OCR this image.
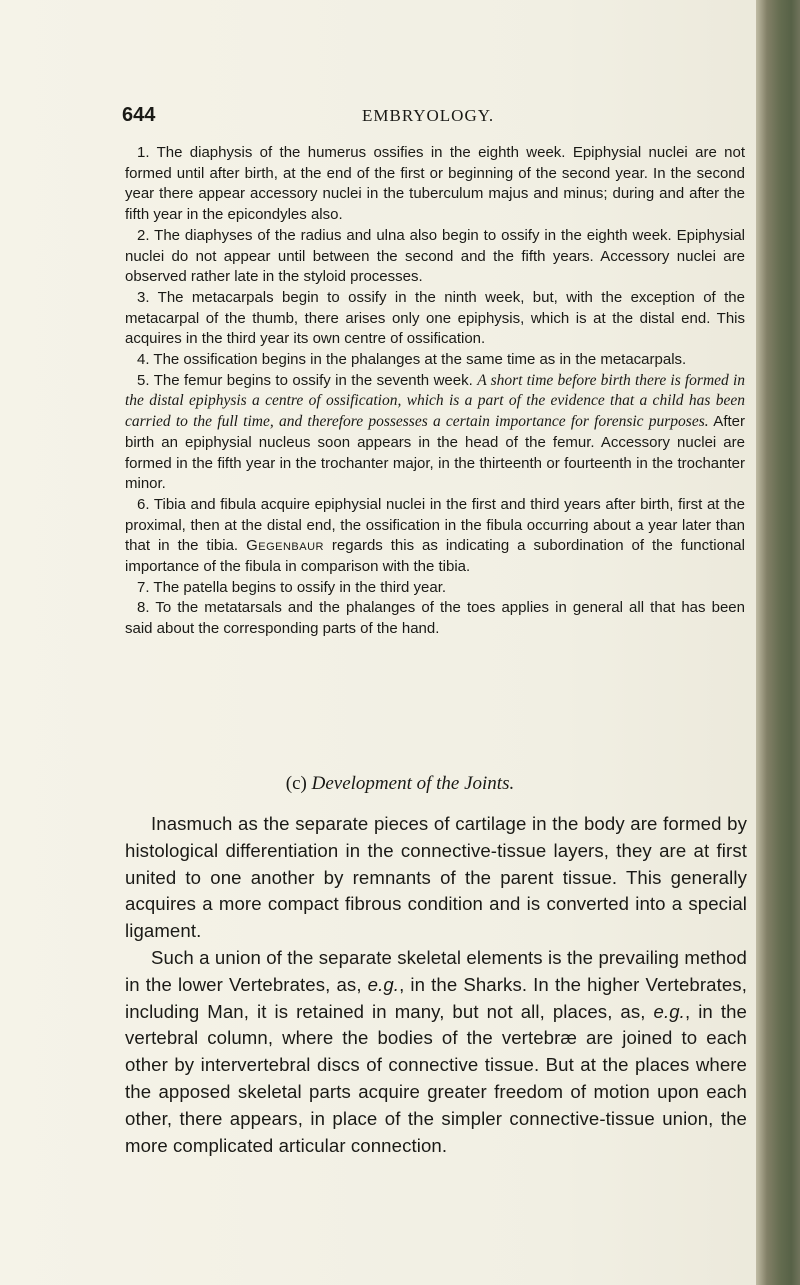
644	EMBRYOLOGY.

1. The diaphysis of the humerus ossifies in the eighth week. Epiphysial nuclei are not formed until after birth, at the end of the first or beginning of the second year. In the second year there appear accessory nuclei in the tuberculum majus and minus; during and after the fifth year in the epicondyles also.

2. The diaphyses of the radius and ulna also begin to ossify in the eighth week. Epiphysial nuclei do not appear until between the second and the fifth years. Accessory nuclei are observed rather late in the styloid processes.

3. The metacarpals begin to ossify in the ninth week, but, with the exception of the metacarpal of the thumb, there arises only one epiphysis, which is at the distal end. This acquires in the third year its own centre of ossification.

4. The ossification begins in the phalanges at the same time as in the metacarpals.

5. The femur begins to ossify in the seventh week. A short time before birth there is formed in the distal epiphysis a centre of ossification, which is a part of the evidence that a child has been carried to the full time, and therefore possesses a certain importance for forensic purposes. After birth an epiphysial nucleus soon appears in the head of the femur. Accessory nuclei are formed in the fifth year in the trochanter major, in the thirteenth or fourteenth in the trochanter minor.

6. Tibia and fibula acquire epiphysial nuclei in the first and third years after birth, first at the proximal, then at the distal end, the ossification in the fibula occurring about a year later than that in the tibia. Gegenbaur regards this as indicating a subordination of the functional importance of the fibula in comparison with the tibia.

7. The patella begins to ossify in the third year.

8. To the metatarsals and the phalanges of the toes applies in general all that has been said about the corresponding parts of the hand.

(c) Development of the Joints.

Inasmuch as the separate pieces of cartilage in the body are formed by histological differentiation in the connective-tissue layers, they are at first united to one another by remnants of the parent tissue. This generally acquires a more compact fibrous condition and is converted into a special ligament.

Such a union of the separate skeletal elements is the prevailing method in the lower Vertebrates, as, e.g., in the Sharks. In the higher Vertebrates, including Man, it is retained in many, but not all, places, as, e.g., in the vertebral column, where the bodies of the vertebræ are joined to each other by intervertebral discs of connective tissue. But at the places where the apposed skeletal parts acquire greater freedom of motion upon each other, there appears, in place of the simpler connective-tissue union, the more complicated articular connection.
